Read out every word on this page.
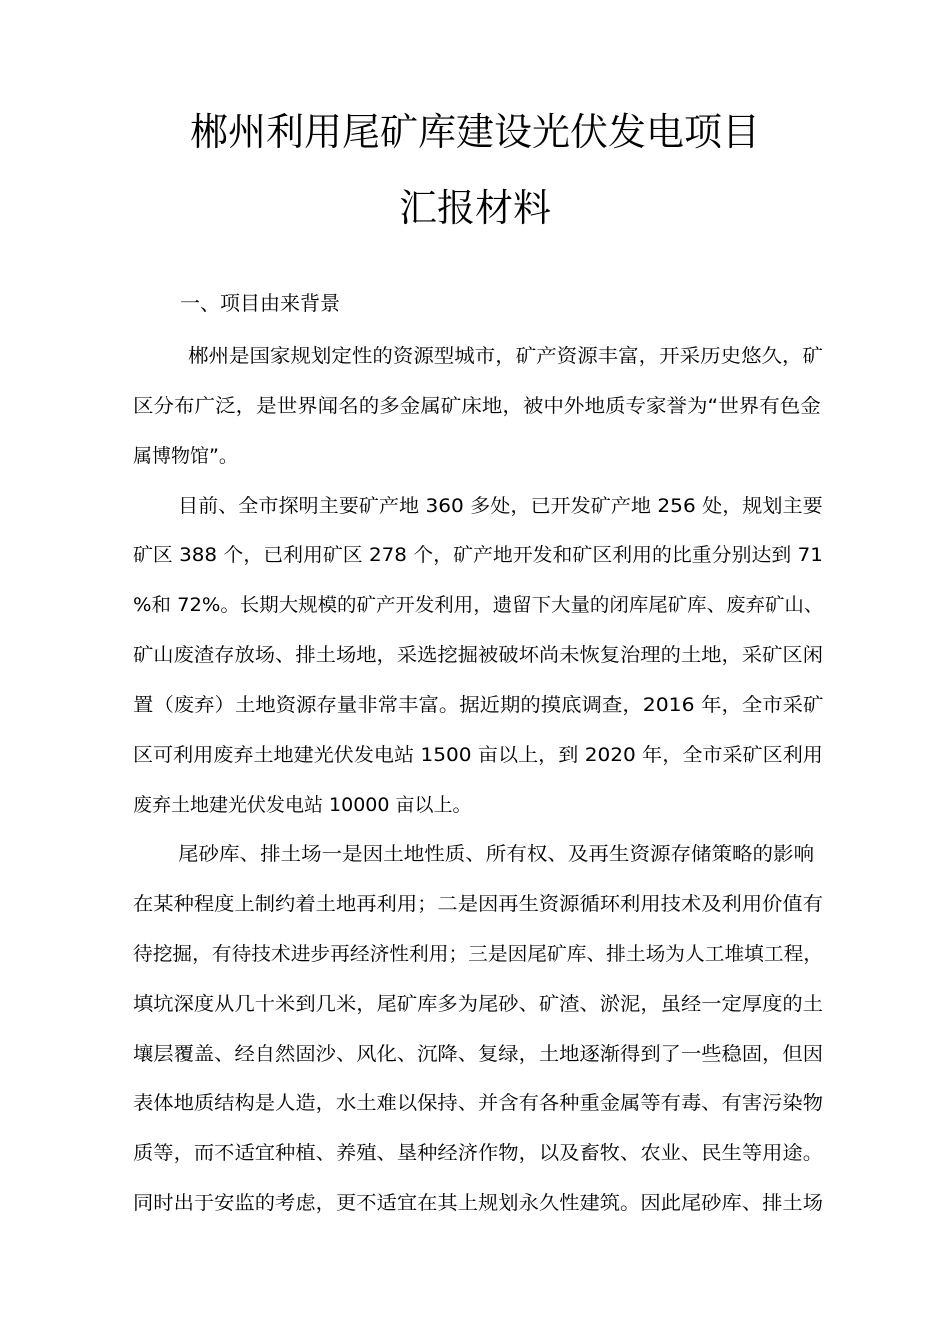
郴州利用尾矿库建设光伏发电项目
汇报材料
一、项目由来背景
郴州是国家规划定性的资源型城市，矿产资源丰富，开采历史悠久，矿
区分布广泛，是世界闻名的多金属矿床地，被中外地质专家誉为“世界有色金
属博物馆”。
目前、全市探明主要矿产地 360 多处，已开发矿产地 256 处，规划主要
矿区 388 个，已利用矿区 278 个，矿产地开发和矿区利用的比重分别达到 71
%和 72%。长期大规模的矿产开发利用，遗留下大量的闭库尾矿库、废弃矿山、
矿山废渣存放场、排土场地，采选挖掘被破坏尚未恢复治理的土地，采矿区闲
置（废弃）土地资源存量非常丰富。据近期的摸底调查，2016 年，全市采矿
区可利用废弃土地建光伏发电站 1500 亩以上，到 2020 年，全市采矿区利用
废弃土地建光伏发电站 10000 亩以上。
尾砂库、排土场一是因土地性质、所有权、及再生资源存储策略的影响
在某种程度上制约着土地再利用；二是因再生资源循环利用技术及利用价值有
待挖掘，有待技术进步再经济性利用；三是因尾矿库、排土场为人工堆填工程，
填坑深度从几十米到几米，尾矿库多为尾砂、矿渣、淤泥，虽经一定厚度的土
壤层覆盖、经自然固沙、风化、沉降、复绿，土地逐渐得到了一些稳固，但因
表体地质结构是人造，水土难以保持、并含有各种重金属等有毒、有害污染物
质等，而不适宜种植、养殖、垦种经济作物，以及畜牧、农业、民生等用途。
同时出于安监的考虑，更不适宜在其上规划永久性建筑。因此尾砂库、排土场
